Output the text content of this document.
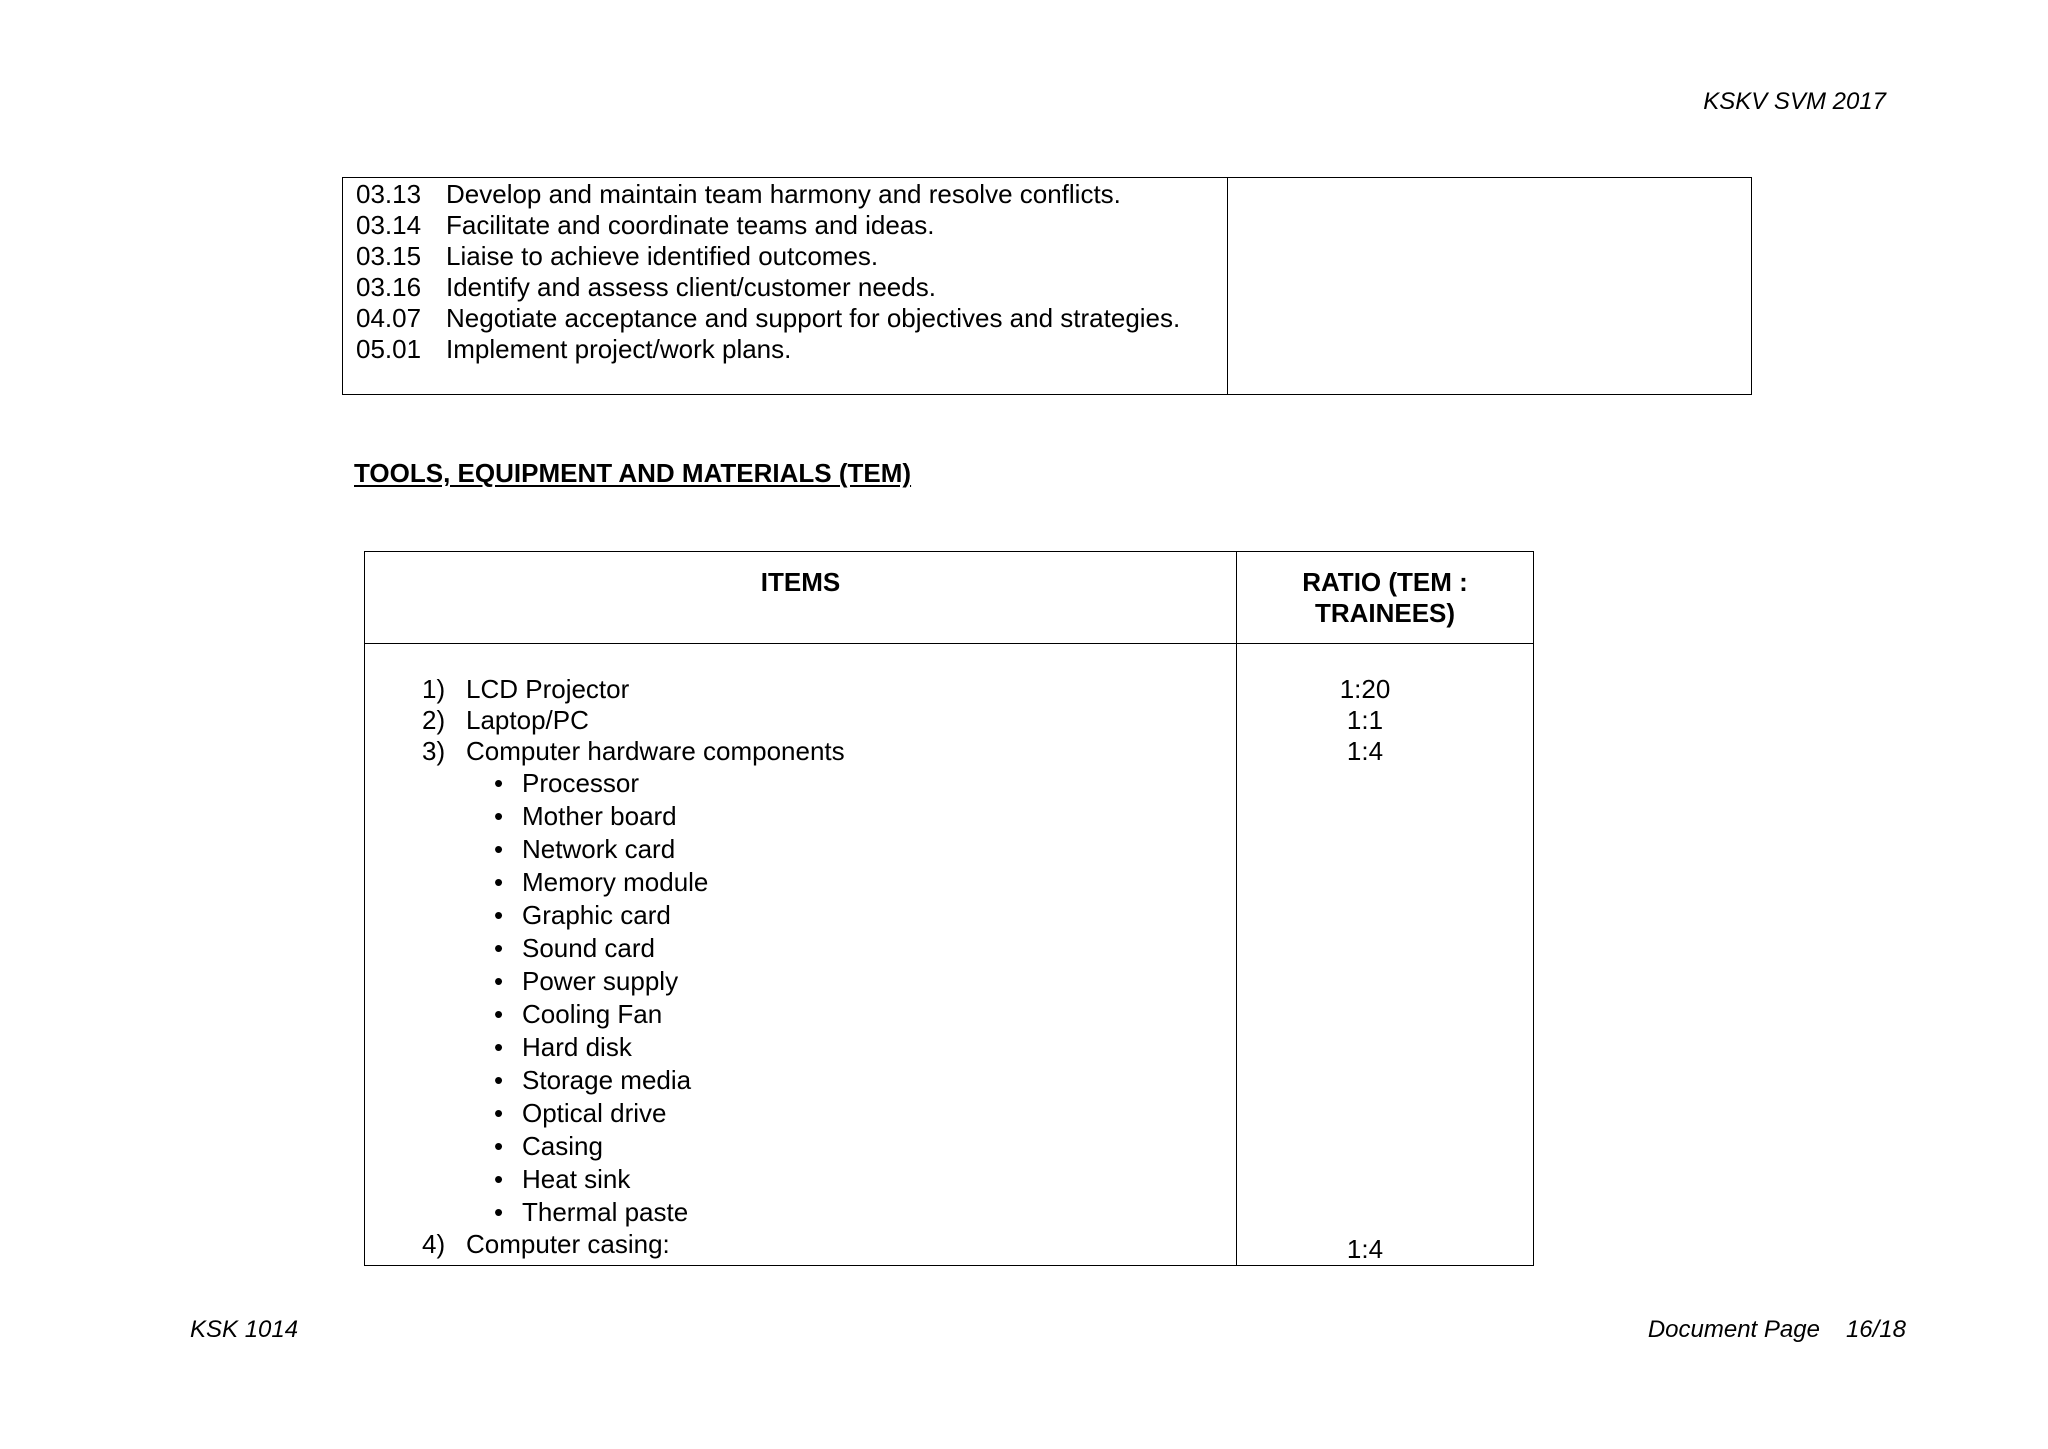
KSKV SVM 2017
03.13 Develop and maintain team harmony and resolve conflicts.
03.14 Facilitate and coordinate teams and ideas.
03.15 Liaise to achieve identified outcomes.
03.16 Identify and assess client/customer needs.
04.07 Negotiate acceptance and support for objectives and strategies.
05.01 Implement project/work plans.
TOOLS, EQUIPMENT AND MATERIALS (TEM)
ITEMS	RATIO (TEM : TRAINEES)
1) LCD Projector
2) Laptop/PC
3) Computer hardware components
• Processor
• Mother board
• Network card
• Memory module
• Graphic card
• Sound card
• Power supply
• Cooling Fan
• Hard disk
• Storage media
• Optical drive
• Casing
• Heat sink
• Thermal paste
4) Computer casing:
1:20
1:1
1:4
1:4
KSK 1014	Document Page 16/18
